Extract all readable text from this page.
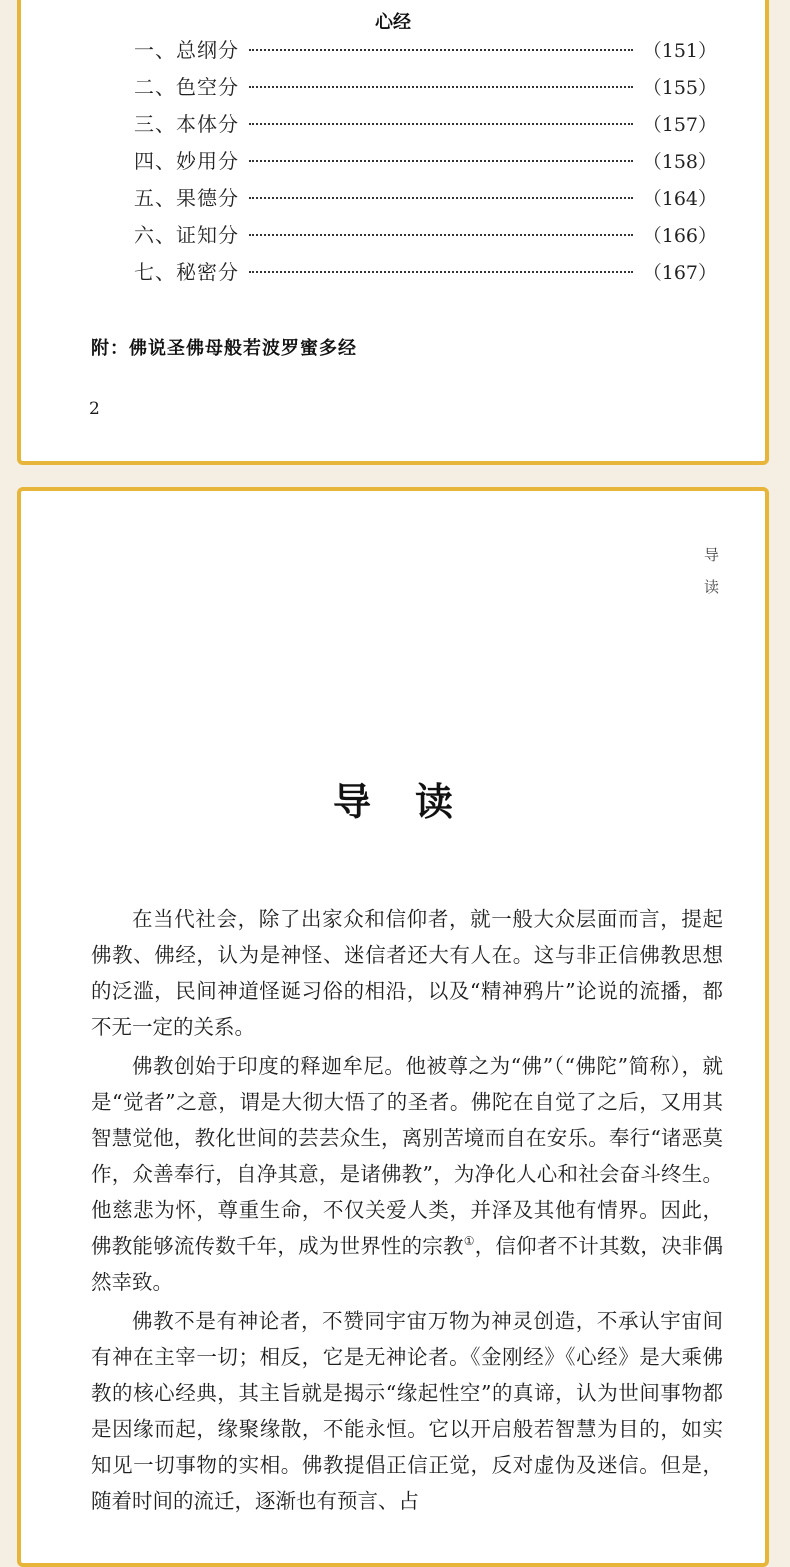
心经
一、总纲分	（151）
二、色空分	（155）
三、本体分	（157）
四、妙用分	（158）
五、果德分	（164）
六、证知分	（166）
七、秘密分	（167）
附：佛说圣佛母般若波罗蜜多经
2
导
读
导读

在当代社会，除了出家众和信仰者，就一般大众层面而言，提起佛教、佛经，认为是神怪、迷信者还大有人在。这与非正信佛教思想的泛滥，民间神道怪诞习俗的相沿，以及“精神鸦片”论说的流播，都不无一定的关系。

佛教创始于印度的释迦牟尼。他被尊之为“佛”（“佛陀”简称），就是“觉者”之意，谓是大彻大悟了的圣者。佛陀在自觉了之后，又用其智慧觉他，教化世间的芸芸众生，离别苦境而自在安乐。奉行“诸恶莫作，众善奉行，自净其意，是诸佛教”，为净化人心和社会奋斗终生。他慈悲为怀，尊重生命，不仅关爱人类，并泽及其他有情界。因此，佛教能够流传数千年，成为世界性的宗教①，信仰者不计其数，决非偶然幸致。

佛教不是有神论者，不赞同宇宙万物为神灵创造，不承认宇宙间有神在主宰一切；相反，它是无神论者。《金刚经》《心经》是大乘佛教的核心经典，其主旨就是揭示“缘起性空”的真谛，认为世间事物都是因缘而起，缘聚缘散，不能永恒。它以开启般若智慧为目的，如实知见一切事物的实相。佛教提倡正信正觉，反对虚伪及迷信。但是，随着时间的流迁，逐渐也有预言、占
